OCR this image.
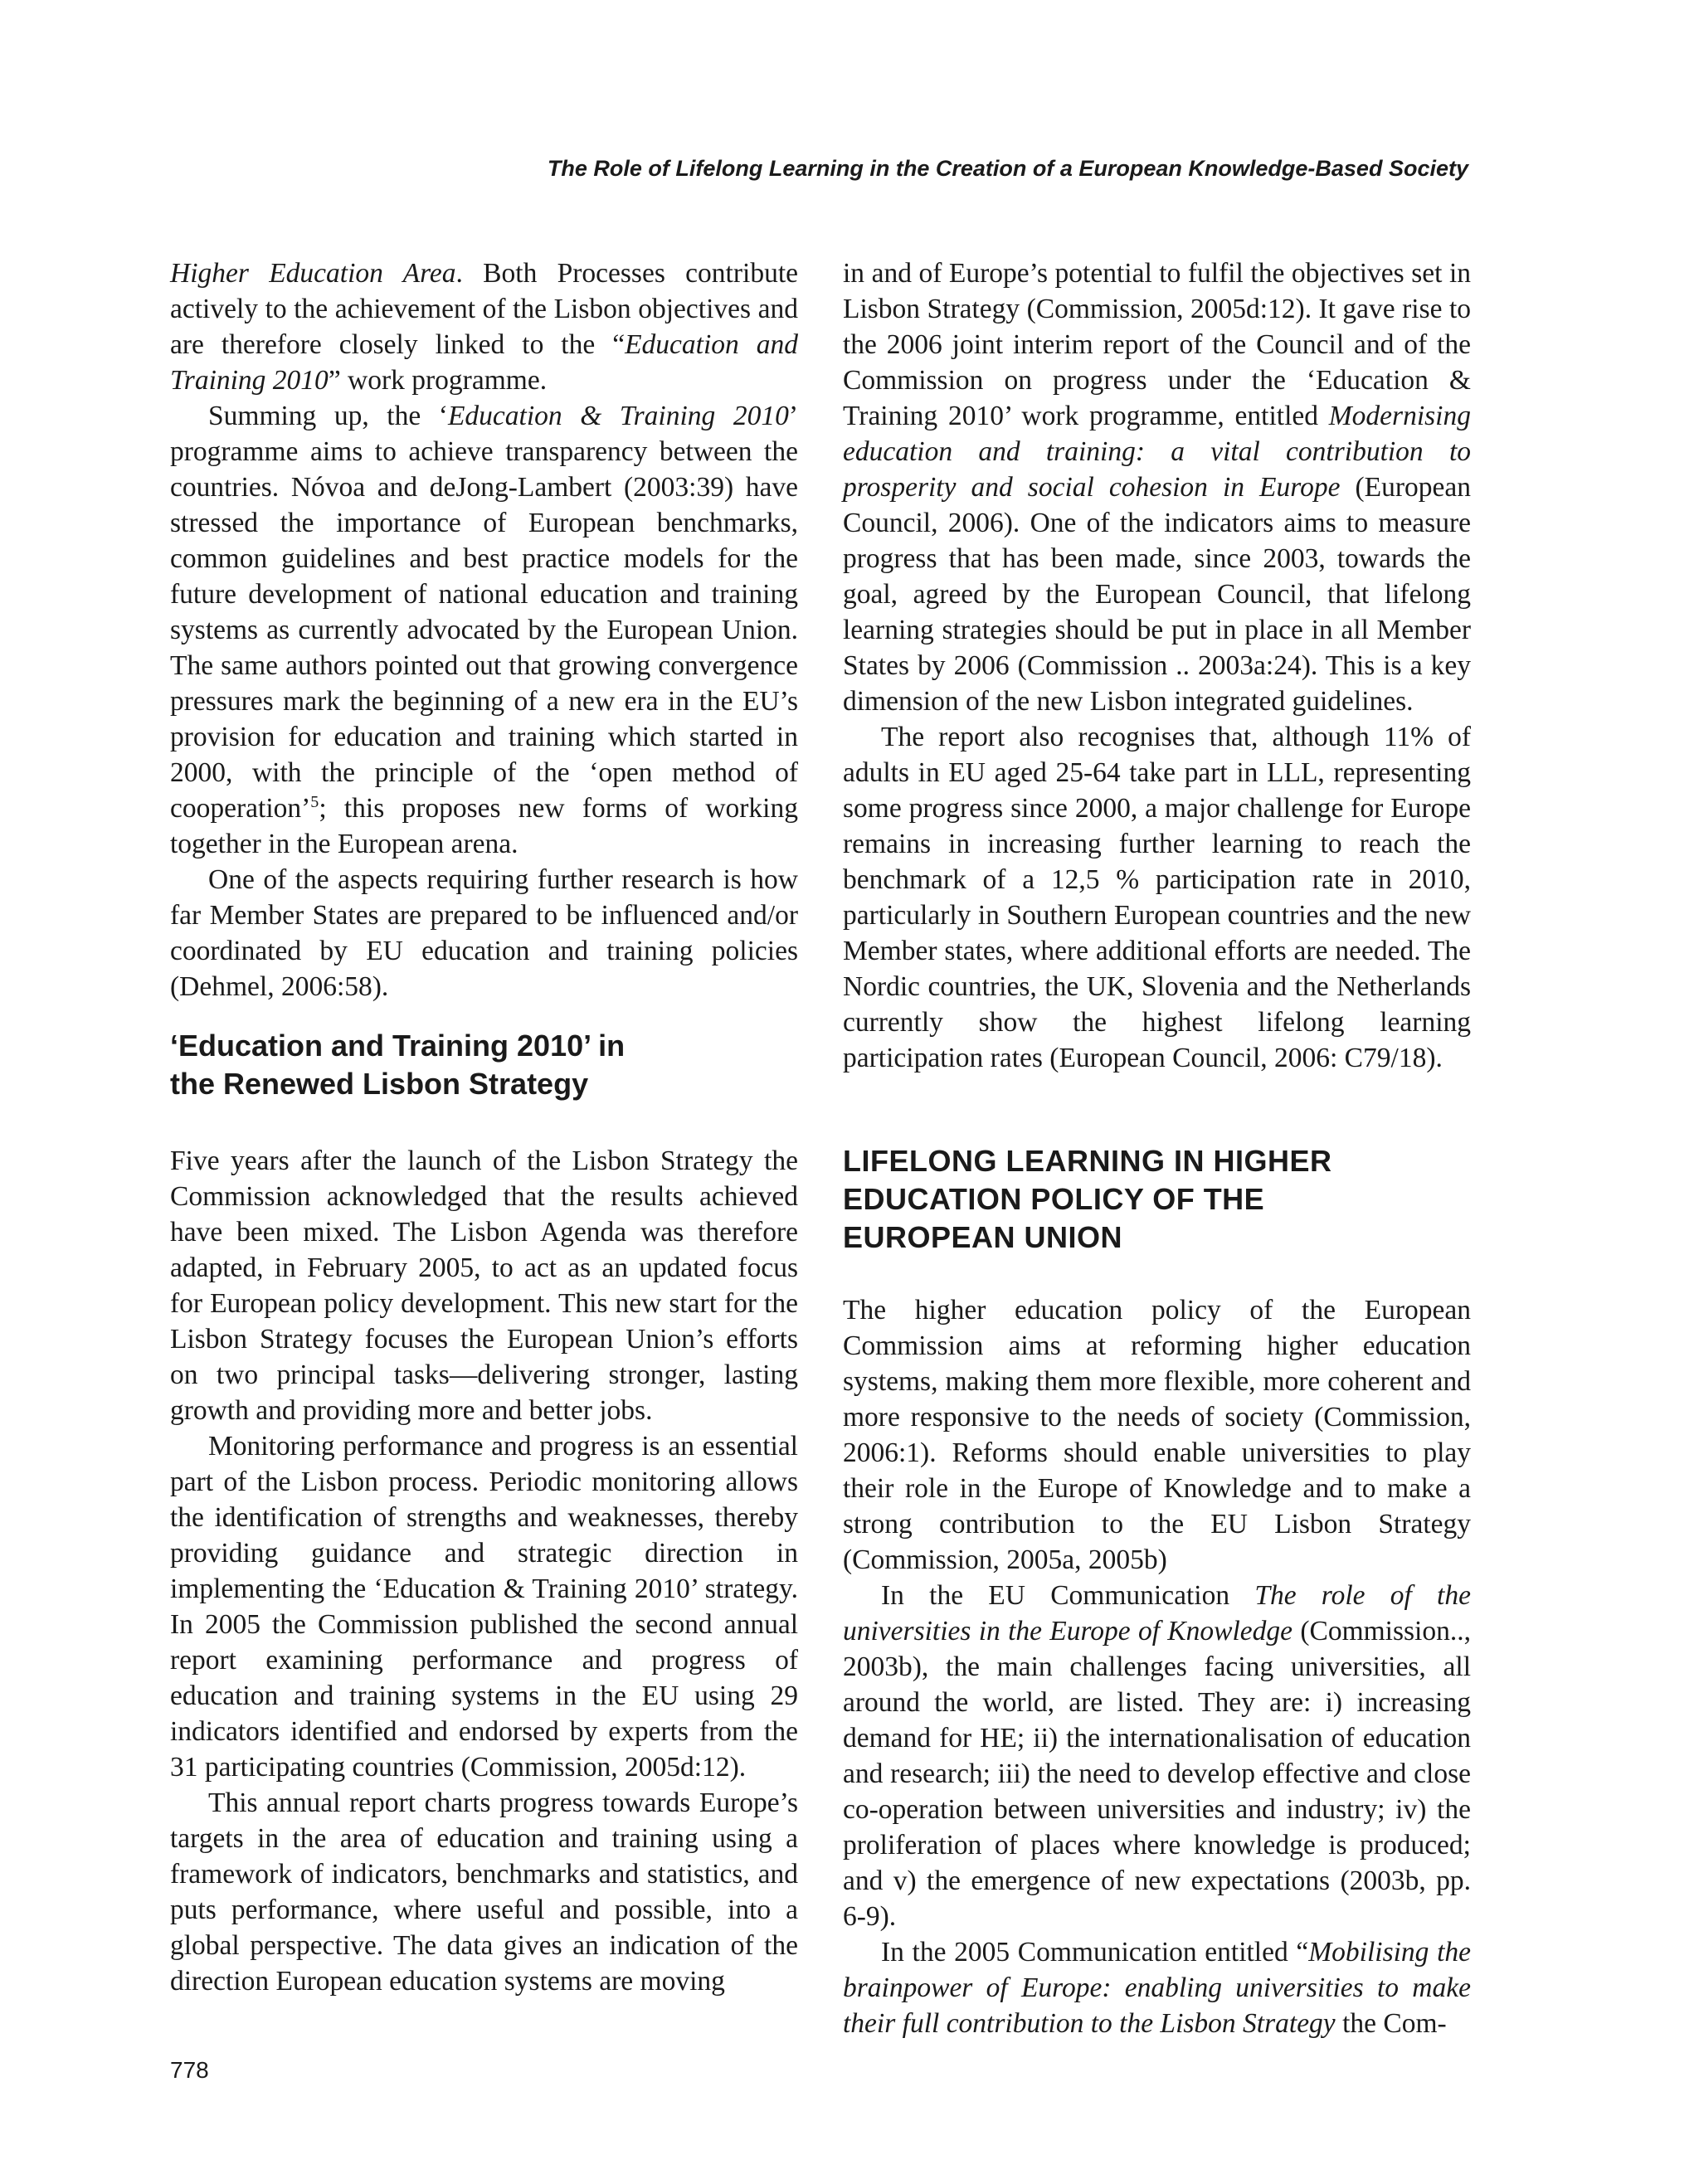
The Role of Lifelong Learning in the Creation of a European Knowledge-Based Society

Higher Education Area. Both Processes contribute actively to the achievement of the Lisbon objectives and are therefore closely linked to the “Education and Training 2010” work programme.

Summing up, the ‘Education & Training 2010’ programme aims to achieve transparency between the countries. Nóvoa and deJong-Lambert (2003:39) have stressed the importance of European benchmarks, common guidelines and best practice models for the future development of national education and training systems as currently advocated by the European Union. The same authors pointed out that growing convergence pressures mark the beginning of a new era in the EU’s provision for education and training which started in 2000, with the principle of the ‘open method of cooperation’$^5$; this proposes new forms of working together in the European arena.

One of the aspects requiring further research is how far Member States are prepared to be influenced and/or coordinated by EU education and training policies (Dehmel, 2006:58).

‘Education and Training 2010’ in
the Renewed Lisbon Strategy

Five years after the launch of the Lisbon Strategy the Commission acknowledged that the results achieved have been mixed. The Lisbon Agenda was therefore adapted, in February 2005, to act as an updated focus for European policy development. This new start for the Lisbon Strategy focuses the European Union’s efforts on two principal tasks—delivering stronger, lasting growth and providing more and better jobs.

Monitoring performance and progress is an essential part of the Lisbon process. Periodic monitoring allows the identification of strengths and weaknesses, thereby providing guidance and strategic direction in implementing the ‘Education & Training 2010’ strategy. In 2005 the Commission published the second annual report examining performance and progress of education and training systems in the EU using 29 indicators identified and endorsed by experts from the 31 participating countries (Commission, 2005d:12).

This annual report charts progress towards Europe’s targets in the area of education and training using a framework of indicators, benchmarks and statistics, and puts performance, where useful and possible, into a global perspective. The data gives an indication of the direction European education systems are moving

in and of Europe’s potential to fulfil the objectives set in Lisbon Strategy (Commission, 2005d:12). It gave rise to the 2006 joint interim report of the Council and of the Commission on progress under the ‘Education & Training 2010’ work programme, entitled Modernising education and training: a vital contribution to prosperity and social cohesion in Europe (European Council, 2006). One of the indicators aims to measure progress that has been made, since 2003, towards the goal, agreed by the European Council, that lifelong learning strategies should be put in place in all Member States by 2006 (Commission .. 2003a:24). This is a key dimension of the new Lisbon integrated guidelines.

The report also recognises that, although 11% of adults in EU aged 25-64 take part in LLL, representing some progress since 2000, a major challenge for Europe remains in increasing further learning to reach the benchmark of a 12,5 % participation rate in 2010, particularly in Southern European countries and the new Member states, where additional efforts are needed. The Nordic countries, the UK, Slovenia and the Netherlands currently show the highest lifelong learning participation rates (European Council, 2006: C79/18).

LIFELONG LEARNING IN HIGHER
EDUCATION POLICY OF THE
EUROPEAN UNION

The higher education policy of the European Commission aims at reforming higher education systems, making them more flexible, more coherent and more responsive to the needs of society (Commission, 2006:1). Reforms should enable universities to play their role in the Europe of Knowledge and to make a strong contribution to the EU Lisbon Strategy (Commission, 2005a, 2005b)

In the EU Communication The role of the universities in the Europe of Knowledge (Commission.., 2003b), the main challenges facing universities, all around the world, are listed. They are: i) increasing demand for HE; ii) the internationalisation of education and research; iii) the need to develop effective and close co-operation between universities and industry; iv) the proliferation of places where knowledge is produced; and v) the emergence of new expectations (2003b, pp. 6-9).

In the 2005 Communication entitled “Mobilising the brainpower of Europe: enabling universities to make their full contribution to the Lisbon Strategy the Com-

778
